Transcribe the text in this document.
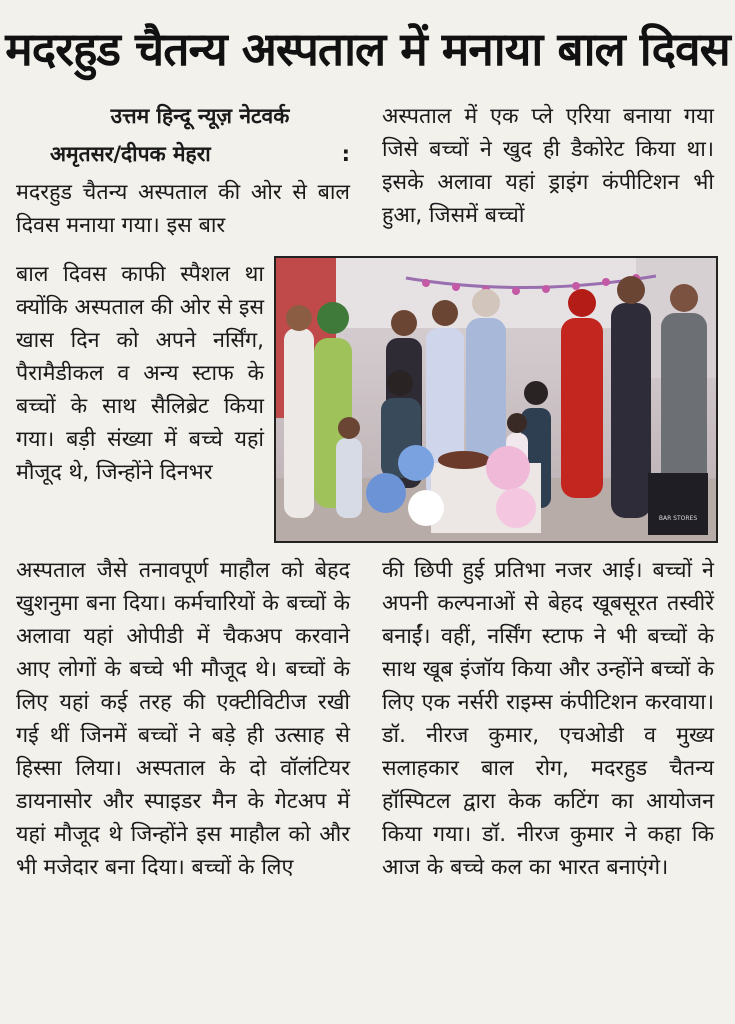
मदरहुड चैतन्य अस्पताल में मनाया बाल दिवस
उत्तम हिन्दू न्यूज़ नेटवर्क
अमृतसर/दीपक मेहरा	:

मदरहुड चैतन्य अस्पताल की ओर से बाल दिवस मनाया गया। इस बार

बाल दिवस काफी स्पैशल था क्योंकि अस्पताल की ओर से इस खास दिन को अपने नर्सिंग, पैरामैडीकल व अन्य स्टाफ के बच्चों के साथ सैलिब्रेट किया गया। बड़ी संख्या में बच्चे यहां मौजूद थे, जिन्होंने दिनभर

अस्पताल जैसे तनावपूर्ण माहौल को बेहद खुशनुमा बना दिया। कर्मचारियों के बच्चों के अलावा यहां ओपीडी में चैकअप करवाने आए लोगों के बच्चे भी मौजूद थे। बच्चों के लिए यहां कई तरह की एक्टीविटीज रखी गई थीं जिनमें बच्चों ने बड़े ही उत्साह से हिस्सा लिया। अस्पताल के दो वॉलंटियर डायनासोर और स्पाइडर मैन के गेटअप में यहां मौजूद थे जिन्होंने इस माहौल को और भी मजेदार बना दिया। बच्चों के लिए

अस्पताल में एक प्ले एरिया बनाया गया जिसे बच्चों ने खुद ही डैकोरेट किया था। इसके अलावा यहां ड्राइंग कंपीटिशन भी हुआ, जिसमें बच्चों

की छिपी हुई प्रतिभा नजर आई। बच्चों ने अपनी कल्पनाओं से बेहद खूबसूरत तस्वीरें बनाईं। वहीं, नर्सिंग स्टाफ ने भी बच्चों के साथ खूब इंजॉय किया और उन्होंने बच्चों के लिए एक नर्सरी राइम्स कंपीटिशन करवाया। डॉ. नीरज कुमार, एचओडी व मुख्य सलाहकार बाल रोग, मदरहुड चैतन्य हॉस्पिटल द्वारा केक कटिंग का आयोजन किया गया। डॉ. नीरज कुमार ने कहा कि आज के बच्चे कल का भारत बनाएंगे।

BAR STORES
